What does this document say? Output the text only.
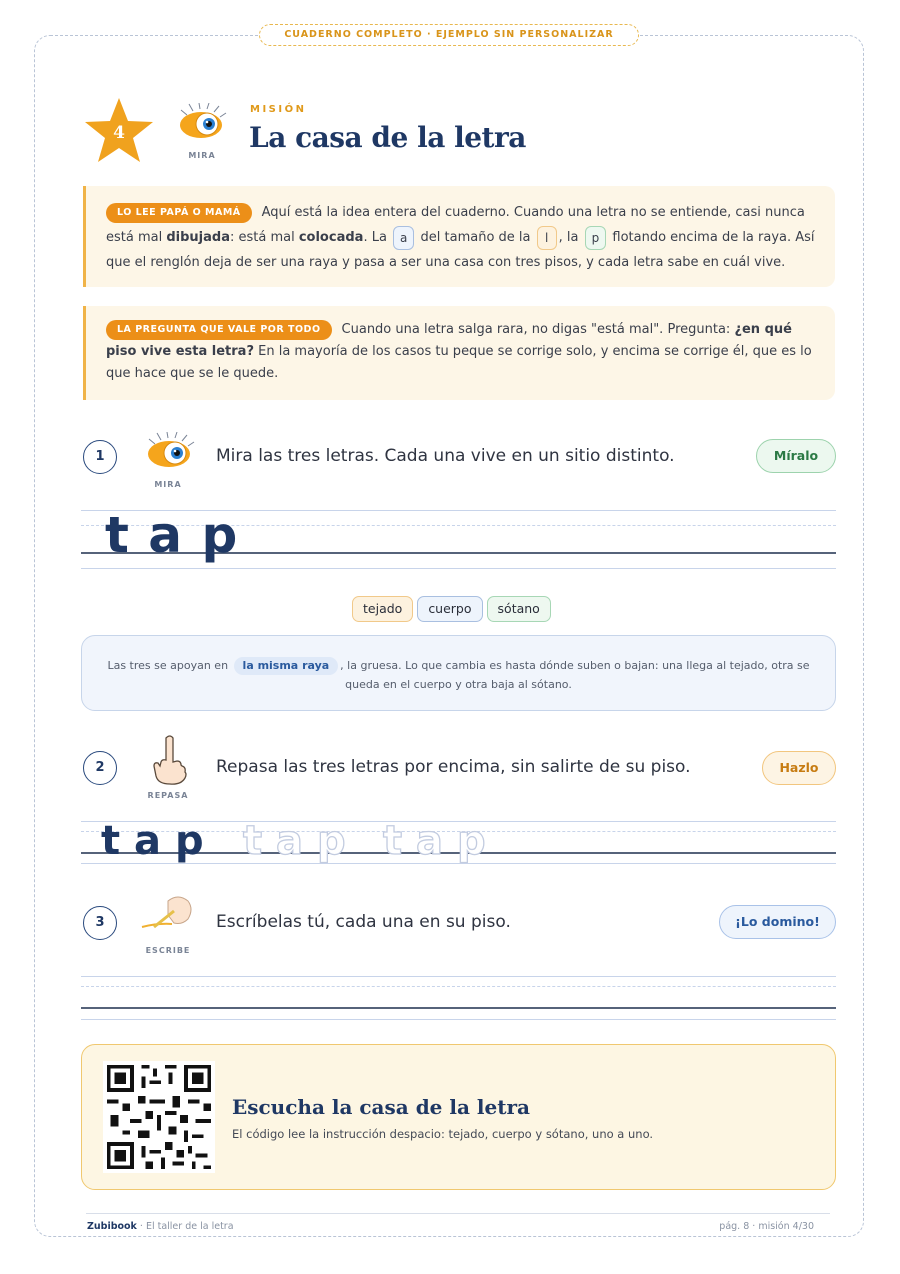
CUADERNO COMPLETO · EJEMPLO SIN PERSONALIZAR
4
MIRA
MISIÓN
La casa de la letra
LO LEE PAPÁ O MAMÁ Aquí está la idea entera del cuaderno. Cuando una letra no se entiende, casi nunca está mal dibujada: está mal colocada. La a del tamaño de la l , la p flotando encima de la raya. Así que el renglón deja de ser una raya y pasa a ser una casa con tres pisos, y cada letra sabe en cuál vive.
LA PREGUNTA QUE VALE POR TODO Cuando una letra salga rara, no digas "está mal". Pregunta: ¿en qué piso vive esta letra? En la mayoría de los casos tu peque se corrige solo, y encima se corrige él, que es lo que hace que se le quede.
1
MIRA
Mira las tres letras. Cada una vive en un sitio distinto.	Míralo
t a p
tejado cuerpo sótano
Las tres se apoyan en la misma raya , la gruesa. Lo que cambia es hasta dónde suben o bajan: una llega al tejado, otra se queda en el cuerpo y otra baja al sótano.
2
REPASA
Repasa las tres letras por encima, sin salirte de su piso.	Hazlo
t a p t a p t a p
3
ESCRIBE
Escríbelas tú, cada una en su piso.	¡Lo domino!
Escucha la casa de la letra
El código lee la instrucción despacio: tejado, cuerpo y sótano, uno a uno.
Zubibook · El taller de la letra	pág. 8 · misión 4/30
